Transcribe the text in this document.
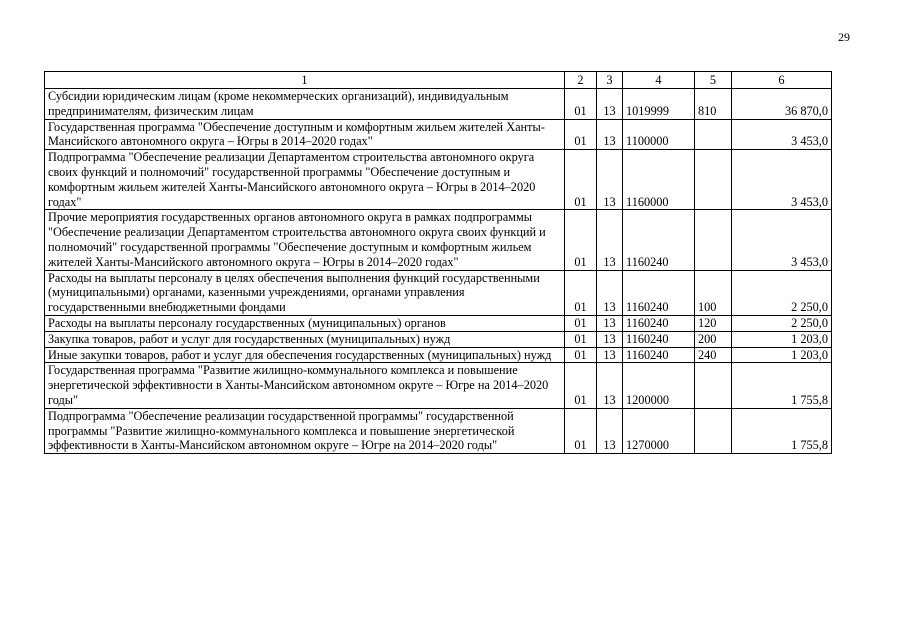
29
1	2	3	4	5	6
Субсидии юридическим лицам (кроме некоммерческих организаций), индивидуальным предпринимателям, физическим лицам	01	13	1019999	810	36 870,0
Государственная программа "Обеспечение доступным и комфортным жильем жителей Ханты-Мансийского автономного округа – Югры в 2014–2020 годах"	01	13	1100000		3 453,0
Подпрограмма "Обеспечение реализации Департаментом строительства автономного округа своих функций и полномочий" государственной программы "Обеспечение доступным и комфортным жильем жителей Ханты-Мансийского автономного округа – Югры в 2014–2020 годах"	01	13	1160000		3 453,0
Прочие мероприятия государственных органов автономного округа в рамках подпрограммы "Обеспечение реализации Департаментом строительства автономного округа своих функций и полномочий" государственной программы "Обеспечение доступным и комфортным жильем жителей Ханты-Мансийского автономного округа – Югры в 2014–2020 годах"	01	13	1160240		3 453,0
Расходы на выплаты персоналу в целях обеспечения выполнения функций государственными (муниципальными) органами, казенными учреждениями, органами управления государственными внебюджетными фондами	01	13	1160240	100	2 250,0
Расходы на выплаты персоналу государственных (муниципальных) органов	01	13	1160240	120	2 250,0
Закупка товаров, работ и услуг для государственных (муниципальных) нужд	01	13	1160240	200	1 203,0
Иные закупки товаров, работ и услуг для обеспечения государственных (муниципальных) нужд	01	13	1160240	240	1 203,0
Государственная программа "Развитие жилищно-коммунального комплекса и повышение энергетической эффективности в Ханты-Мансийском автономном округе – Югре на 2014–2020 годы"	01	13	1200000		1 755,8
Подпрограмма "Обеспечение реализации государственной программы" государственной программы "Развитие жилищно-коммунального комплекса и повышение энергетической эффективности в Ханты-Мансийском автономном округе – Югре на 2014–2020 годы"	01	13	1270000		1 755,8
